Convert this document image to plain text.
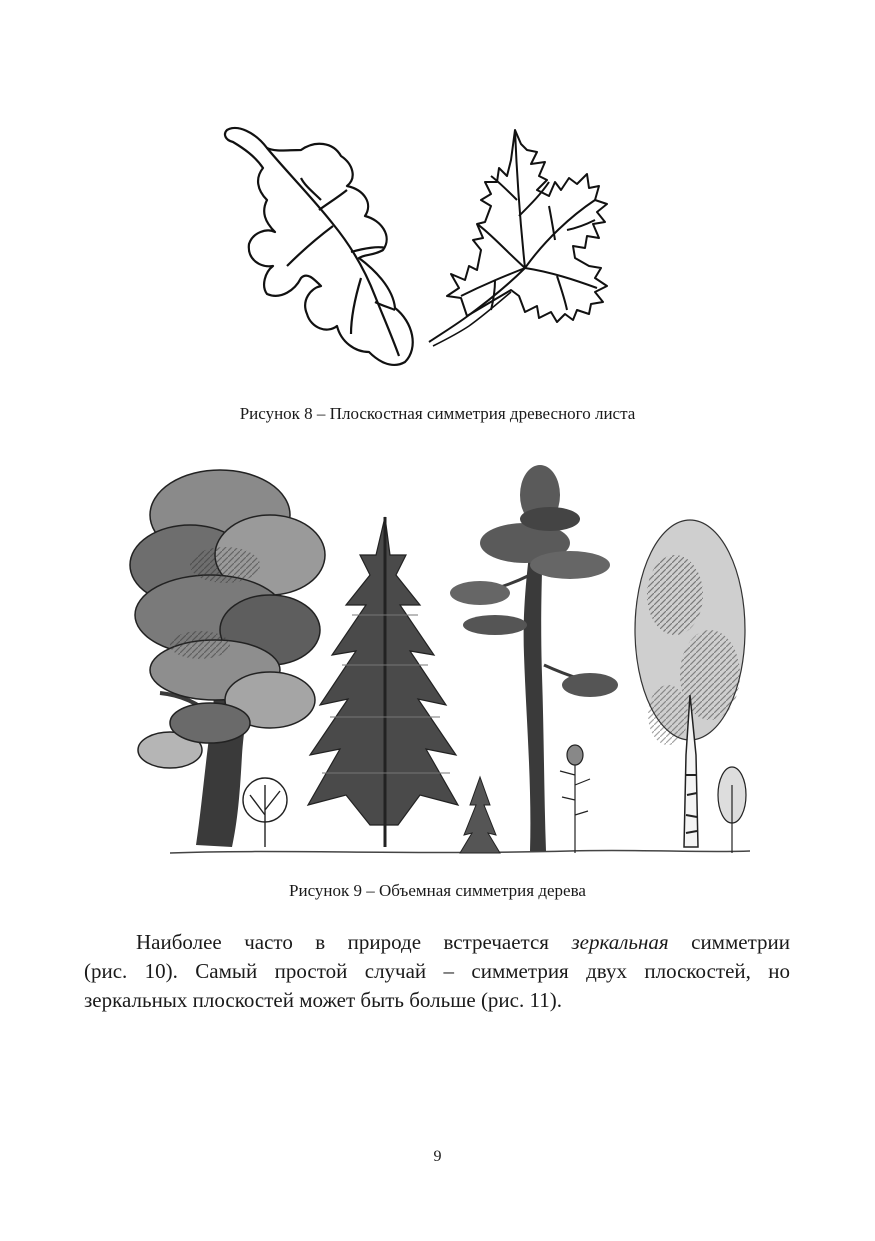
Рисунок 8 – Плоскостная симметрия древесного листа
Рисунок 9 – Объемная симметрия дерева
Наиболее часто в природе встречается зеркальная симметрии
(рис. 10). Самый простой случай – симметрия двух плоскостей, но
зеркальных плоскостей может быть больше (рис. 11).
9
